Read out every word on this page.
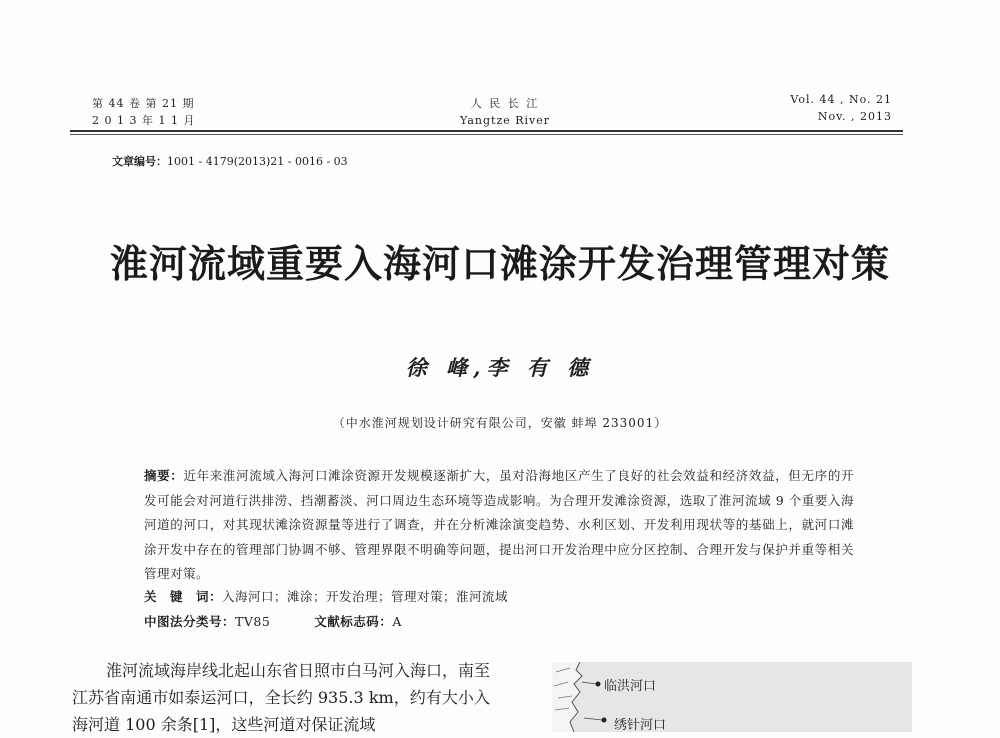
第 44 卷 第 21 期
2 0 1 3 年 1 1 月
人 民 长 江
Yangtze River
Vol. 44 , No. 21
Nov. , 2013
文章编号：1001 - 4179(2013)21 - 0016 - 03
淮河流域重要入海河口滩涂开发治理管理对策
徐 峰,李 有 德
（中水淮河规划设计研究有限公司，安徽 蚌埠 233001）
摘要：近年来淮河流域入海河口滩涂资源开发规模逐渐扩大，虽对沿海地区产生了良好的社会效益和经济效益，但无序的开发可能会对河道行洪排涝、挡潮蓄淡、河口周边生态环境等造成影响。为合理开发滩涂资源，选取了淮河流域 9 个重要入海河道的河口，对其现状滩涂资源量等进行了调查，并在分析滩涂演变趋势、水利区划、开发利用现状等的基础上，就河口滩涂开发中存在的管理部门协调不够、管理界限不明确等问题，提出河口开发治理中应分区控制、合理开发与保护并重等相关管理对策。
关　键　词：入海河口；滩涂；开发治理；管理对策；淮河流域
中图法分类号：TV85	文献标志码：A
淮河流域海岸线北起山东省日照市白马河入海口，南至江苏省南通市如泰运河口，全长约 935.3 km，约有大小入海河道 100 余条[1]，这些河道对保证流域
临洪河口
绣针河口
